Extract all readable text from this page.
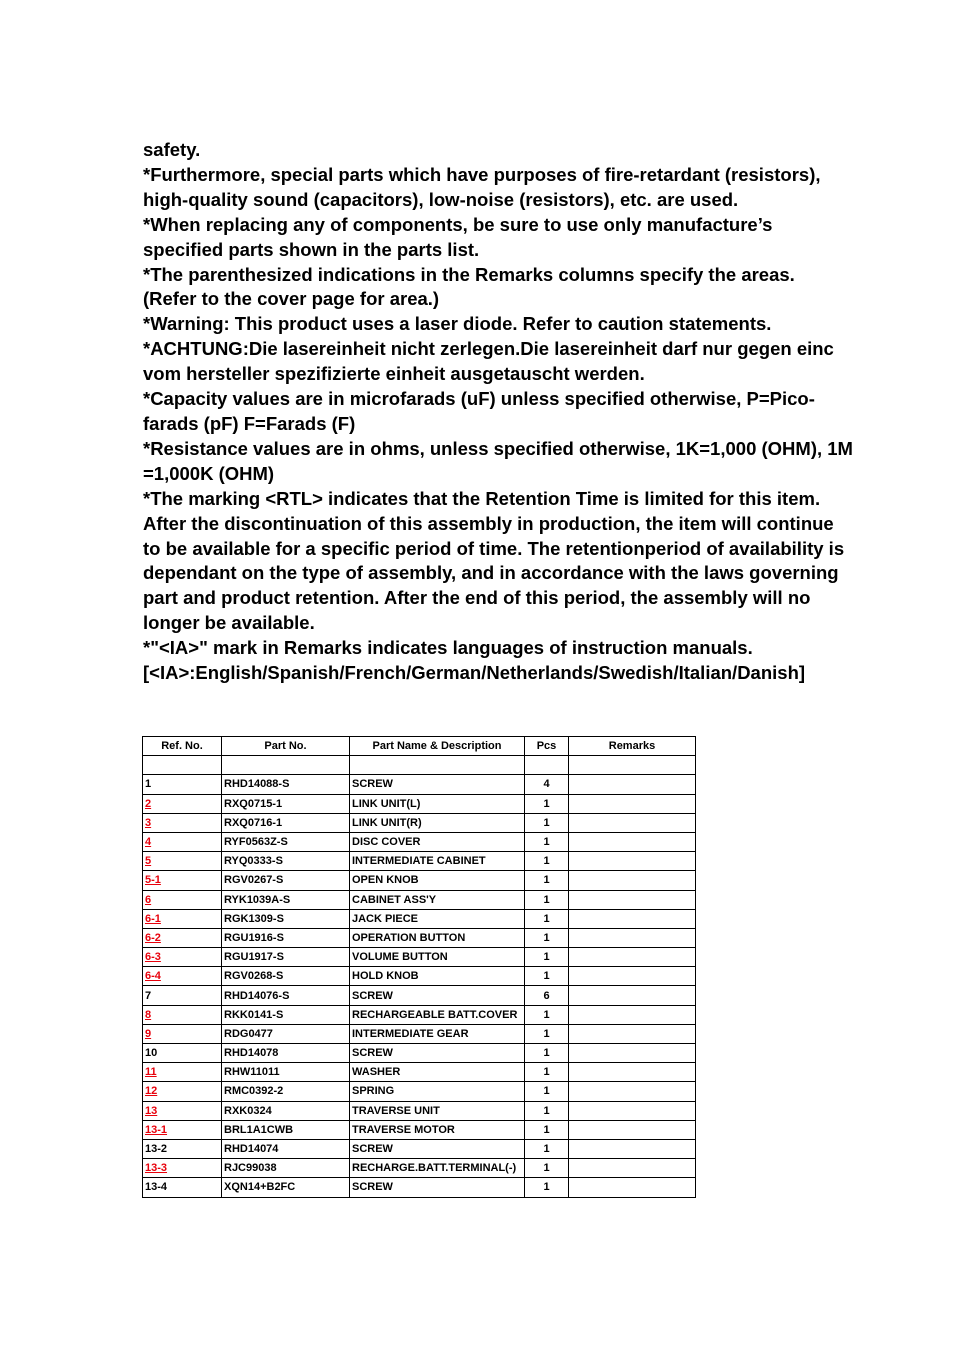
safety.
*Furthermore, special parts which have purposes of fire-retardant (resistors),
high-quality sound (capacitors), low-noise (resistors), etc. are used.
*When replacing any of components, be sure to use only manufacture’s
specified parts shown in the parts list.
*The parenthesized indications in the Remarks columns specify the areas.
(Refer to the cover page for area.)
*Warning: This product uses a laser diode. Refer to caution statements.
*ACHTUNG:Die lasereinheit nicht zerlegen.Die lasereinheit darf nur gegen einc
vom hersteller spezifizierte einheit ausgetauscht werden.
*Capacity values are in microfarads (uF) unless specified otherwise, P=Pico-
farads (pF) F=Farads (F)
*Resistance values are in ohms, unless specified otherwise, 1K=1,000 (OHM), 1M
=1,000K (OHM)
*The marking <RTL> indicates that the Retention Time is limited for this item.
After the discontinuation of this assembly in production, the item will continue
to be available for a specific period of time. The retentionperiod of availability is
dependant on the type of assembly, and in accordance with the laws governing
part and product retention. After the end of this period, the assembly will no
longer be available.
*"<IA>" mark in Remarks indicates languages of instruction manuals.
[<IA>:English/Spanish/French/German/Netherlands/Swedish/Italian/Danish]
Ref. No.	Part No.	Part Name & Description	Pcs	Remarks

1	RHD14088-S	SCREW	4	
2	RXQ0715-1	LINK UNIT(L)	1	
3	RXQ0716-1	LINK UNIT(R)	1	
4	RYF0563Z-S	DISC COVER	1	
5	RYQ0333-S	INTERMEDIATE CABINET	1	
5-1	RGV0267-S	OPEN KNOB	1	
6	RYK1039A-S	CABINET ASS'Y	1	
6-1	RGK1309-S	JACK PIECE	1	
6-2	RGU1916-S	OPERATION BUTTON	1	
6-3	RGU1917-S	VOLUME BUTTON	1	
6-4	RGV0268-S	HOLD KNOB	1	
7	RHD14076-S	SCREW	6	
8	RKK0141-S	RECHARGEABLE BATT.COVER	1	
9	RDG0477	INTERMEDIATE GEAR	1	
10	RHD14078	SCREW	1	
11	RHW11011	WASHER	1	
12	RMC0392-2	SPRING	1	
13	RXK0324	TRAVERSE UNIT	1	
13-1	BRL1A1CWB	TRAVERSE MOTOR	1	
13-2	RHD14074	SCREW	1	
13-3	RJC99038	RECHARGE.BATT.TERMINAL(-)	1	
13-4	XQN14+B2FC	SCREW	1	
